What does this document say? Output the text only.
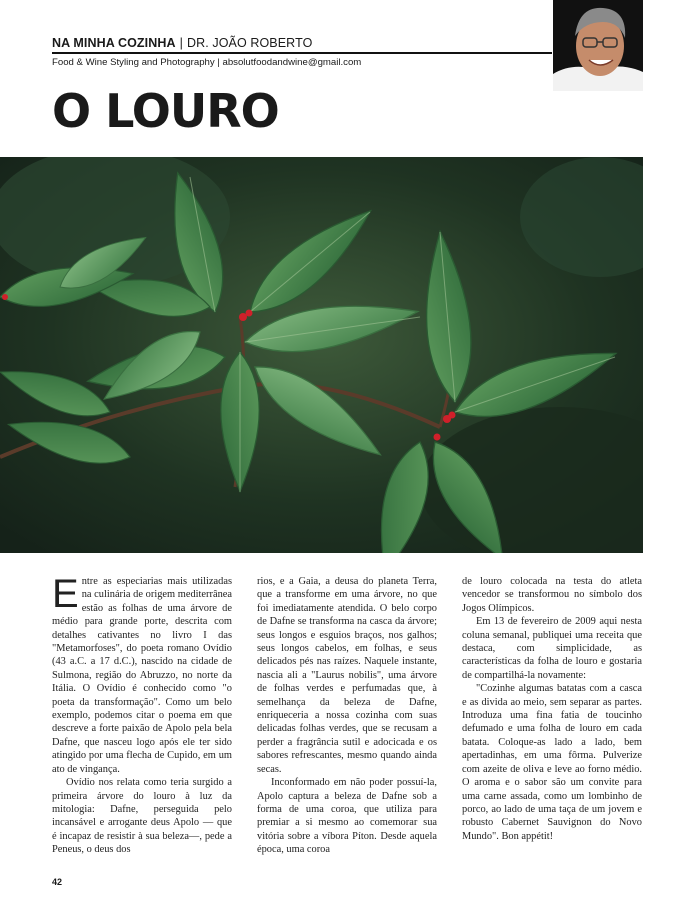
NA MINHA COZINHA | DR. JOÃO ROBERTO
Food & Wine Styling and Photography | absolutfoodandwine@gmail.com
O LOURO

Entre as especiarias mais utilizadas na culinária de origem mediterrânea estão as folhas de uma árvore de médio para grande porte, descrita com detalhes cativantes no livro I das "Metamorfoses", do poeta romano Ovídio (43 a.C. a 17 d.C.), nascido na cidade de Sulmona, região do Abruzzo, no norte da Itália. O Ovídio é conhecido como "o poeta da transformação". Como um belo exemplo, podemos citar o poema em que descreve a forte paixão de Apolo pela bela Dafne, que nasceu logo após ele ter sido atingido por uma flecha de Cupido, em um ato de vingança.

Ovídio nos relata como teria surgido a primeira árvore do louro à luz da mitologia: Dafne, perseguida pelo incansável e arrogante deus Apolo — que é incapaz de resistir à sua beleza—, pede a Peneus, o deus dos

rios, e a Gaia, a deusa do planeta Terra, que a transforme em uma árvore, no que foi imediatamente atendida. O belo corpo de Dafne se transforma na casca da árvore; seus longos e esguios braços, nos galhos; seus longos cabelos, em folhas, e seus delicados pés nas raízes. Naquele instante, nascia ali a "Laurus nobilis", uma árvore de folhas verdes e perfumadas que, à semelhança da beleza de Dafne, enriqueceria a nossa cozinha com suas delicadas folhas verdes, que se recusam a perder a fragrância sutil e adocicada e os sabores refrescantes, mesmo quando ainda secas.

Inconformado em não poder possuí-la, Apolo captura a beleza de Dafne sob a forma de uma coroa, que utiliza para premiar a si mesmo ao comemorar sua vitória sobre a víbora Píton. Desde aquela época, uma coroa

de louro colocada na testa do atleta vencedor se transformou no símbolo dos Jogos Olímpicos.

Em 13 de fevereiro de 2009 aqui nesta coluna semanal, publiquei uma receita que destaca, com simplicidade, as características da folha de louro e gostaria de compartilhá-la novamente:

"Cozinhe algumas batatas com a casca e as divida ao meio, sem separar as partes. Introduza uma fina fatia de toucinho defumado e uma folha de louro em cada batata. Coloque-as lado a lado, bem apertadinhas, em uma fôrma. Pulverize com azeite de oliva e leve ao forno médio. O aroma e o sabor são um convite para uma carne assada, como um lombinho de porco, ao lado de uma taça de um jovem e robusto Cabernet Sauvignon do Novo Mundo". Bon appétit!

42
